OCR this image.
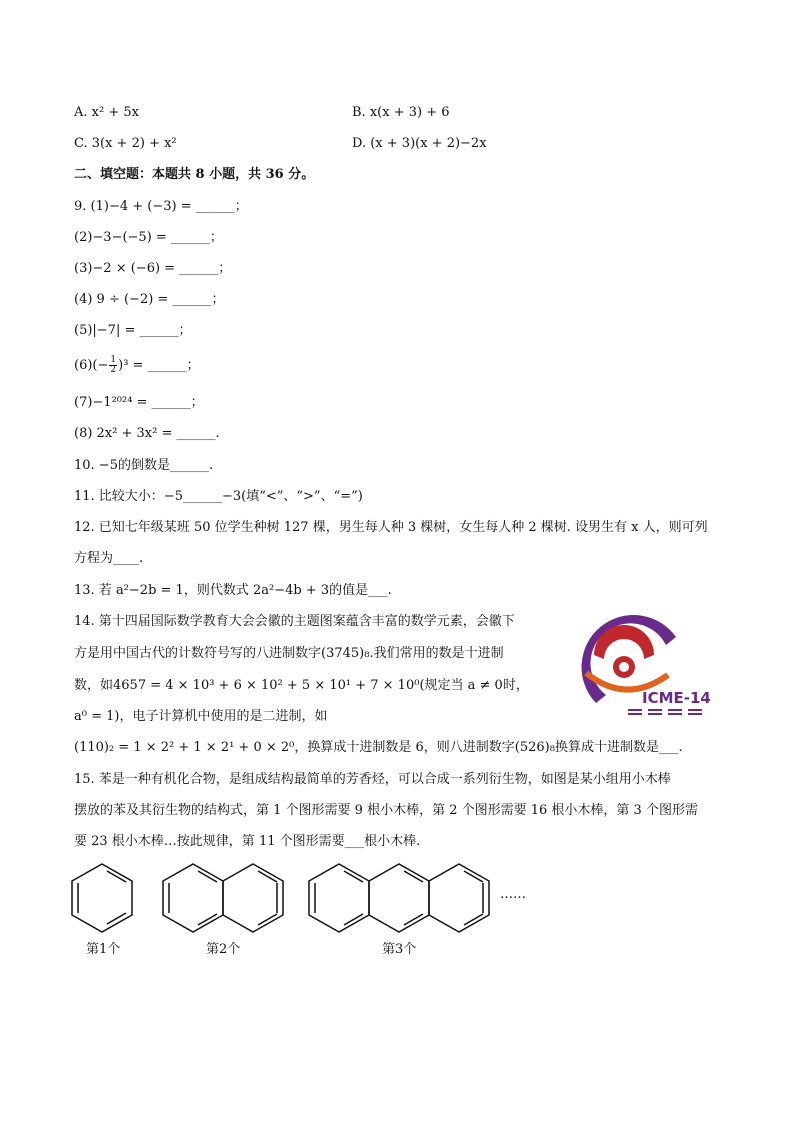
A. x² + 5x	B. x(x + 3) + 6
C. 3(x + 2) + x²	D. (x + 3)(x + 2)−2x
二、填空题：本题共 8 小题，共 36 分。
9. (1)−4 + (−3) = ______；
(2)−3−(−5) = ______；
(3)−2 × (−6) = ______；
(4) 9 ÷ (−2) = ______；
(5)|−7| = ______；
$(6)(- \frac{1}{2} )^3$ = ______；
(7)−1²⁰²⁴ = ______；
(8) 2x² + 3x² = ______.
10. −5的倒数是______.
11. 比较大小：−5______−3(填“<”、“>”、“=”)
12. 已知七年级某班 50 位学生种树 127 棵，男生每人种 3 棵树，女生每人种 2 棵树. 设男生有 x 人，则可列
方程为____.
13. 若 a²−2b = 1，则代数式 2a²−4b + 3的值是___.
14. 第十四届国际数学教育大会会徽的主题图案蕴含丰富的数学元素，会徽下
方是用中国古代的计数符号写的八进制数字(3745)₈.我们常用的数是十进制
数，如4657 = 4 × 10³ + 6 × 10² + 5 × 10¹ + 7 × 10⁰(规定当 a ≠ 0时，
a⁰ = 1)，电子计算机中使用的是二进制，如
(110)₂ = 1 × 2² + 1 × 2¹ + 0 × 2⁰，换算成十进制数是 6，则八进制数字(526)₈换算成十进制数是___.
ICME-14
15. 苯是一种有机化合物，是组成结构最简单的芳香烃，可以合成一系列衍生物，如图是某小组用小木棒
摆放的苯及其衍生物的结构式，第 1 个图形需要 9 根小木棒，第 2 个图形需要 16 根小木棒，第 3 个图形需
要 23 根小木棒…按此规律，第 11 个图形需要___根小木棒.
……
第1个	第2个	第3个
